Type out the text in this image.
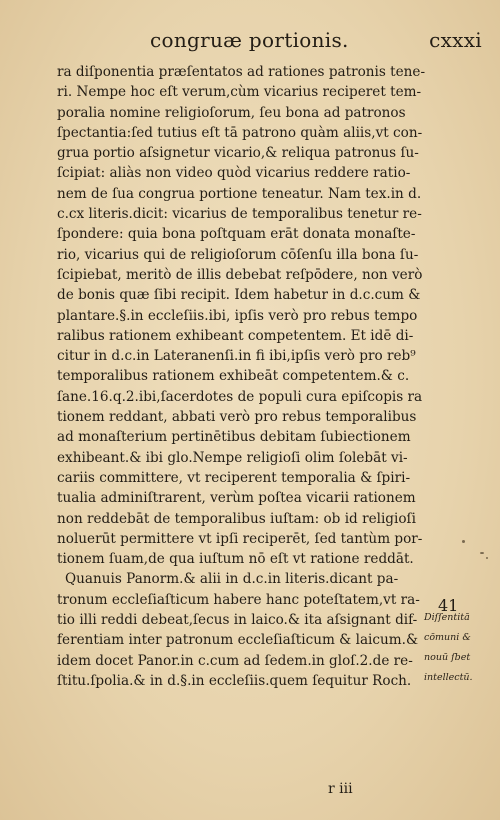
congruæ portionis.	cxxxi
ra diſponentia præſentatos ad rationes patronis tene-
ri. Nempe hoc eſt verum,cùm vicarius reciperet tem-
poralia nomine religioſorum, ſeu bona ad patronos
ſpectantia:ſed tutius eſt tā patrono quàm aliis,vt con-
grua portio aſsignetur vicario,& reliqua patronus ſu-
ſcipiat: aliàs non video quòd vicarius reddere ratio-
nem de ſua congrua portione teneatur. Nam tex.in d.
c.cx literis.dicit: vicarius de temporalibus tenetur re-
ſpondere: quia bona poſtquam erāt donata monaſte-
rio, vicarius qui de religioſorum cōſenſu illa bona ſu-
ſcipiebat, meritò de illis debebat reſpōdere, non verò
de bonis quæ ſibi recipit. Idem habetur in d.c.cum &
plantare.§.in eccleſiis.ibi, ipſis verò pro rebus tempo
ralibus rationem exhibeant competentem. Et idē di-
citur in d.c.in Lateranenſi.in fi ibi,ipſis verò pro reb⁹
temporalibus rationem exhibeāt competentem.& c.
ſane.16.q.2.ibi,ſacerdotes de populi cura epiſcopis ra
tionem reddant, abbati verò pro rebus temporalibus
ad monaſterium pertinētibus debitam ſubiectionem
exhibeant.& ibi glo.Nempe religioſi olim ſolebāt vi-
cariis committere, vt reciperent temporalia & ſpiri-
tualia adminiſtrarent, verùm poſtea vicarii rationem
non reddebāt de temporalibus iuſtam: ob id religioſi
noluerūt permittere vt ipſi reciperēt, ſed tantùm por-
tionem ſuam,de qua iuſtum nō eſt vt ratione reddāt.
Quanuis Panorm.& alii in d.c.in literis.dicant pa-
tronum eccleſiaſticum habere hanc poteſtatem,vt ra-
tio illi reddi debeat,ſecus in laico.& ita aſsignant dif-
ferentiam inter patronum eccleſiaſticum & laicum.&
idem docet Panor.in c.cum ad ſedem.in gloſ.2.de re-
ſtitu.ſpolia.& in d.§.in eccleſiis.quem ſequitur Roch.
41
Diſſentitā
cōmuni &
nouū ſbet
intellectū.
r iii
